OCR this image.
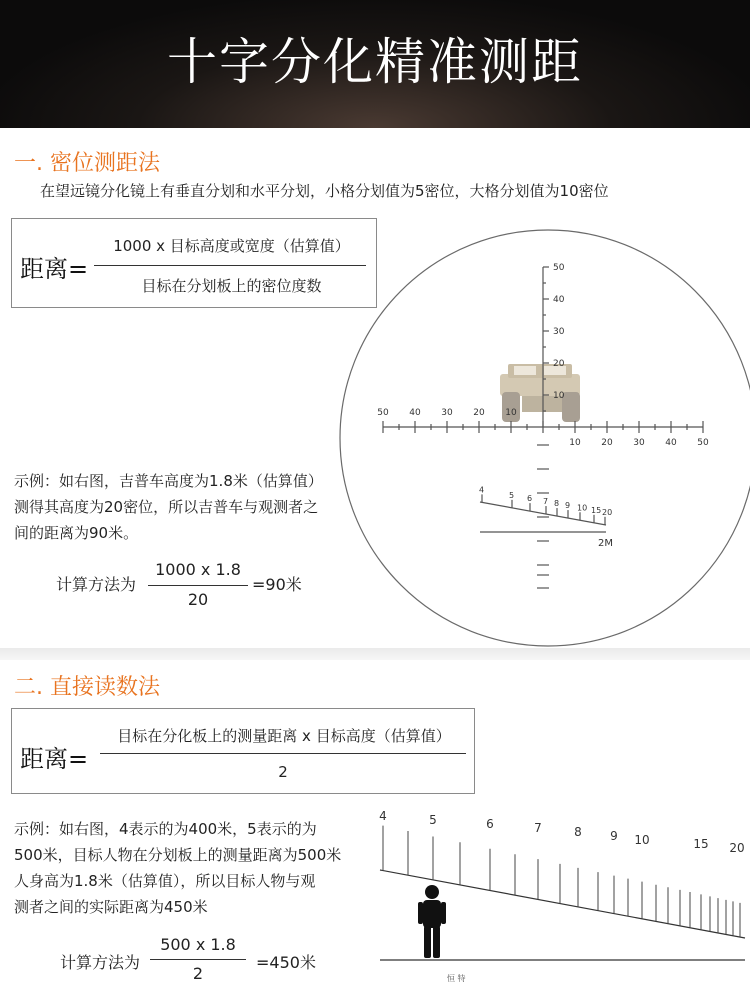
十字分化精准测距
一. 密位测距法
在望远镜分化镜上有垂直分划和水平分划，小格分划值为5密位，大格分划值为10密位
距离=
1000 x 目标高度或宽度（估算值）
目标在分划板上的密位度数
50
40
30
20
10
50 40 30 20 10
10 20 30 40 50
4
5 6 7 8 9 10 15 20
2M
示例：如右图，吉普车高度为1.8米（估算值）
测得其高度为20密位，所以吉普车与观测者之
间的距离为90米。
计算方法为
1000 x 1.8
20
=90米
二. 直接读数法
距离=
目标在分化板上的测量距离 x 目标高度（估算值）
2
示例：如右图，4表示的为400米，5表示的为
500米，目标人物在分划板上的测量距离为500米
人身高为1.8米（估算值），所以目标人物与观
测者之间的实际距离为450米
计算方法为
500 x 1.8
2
=450米
4	5	6	7	8 9 10	15 20
恒 特
